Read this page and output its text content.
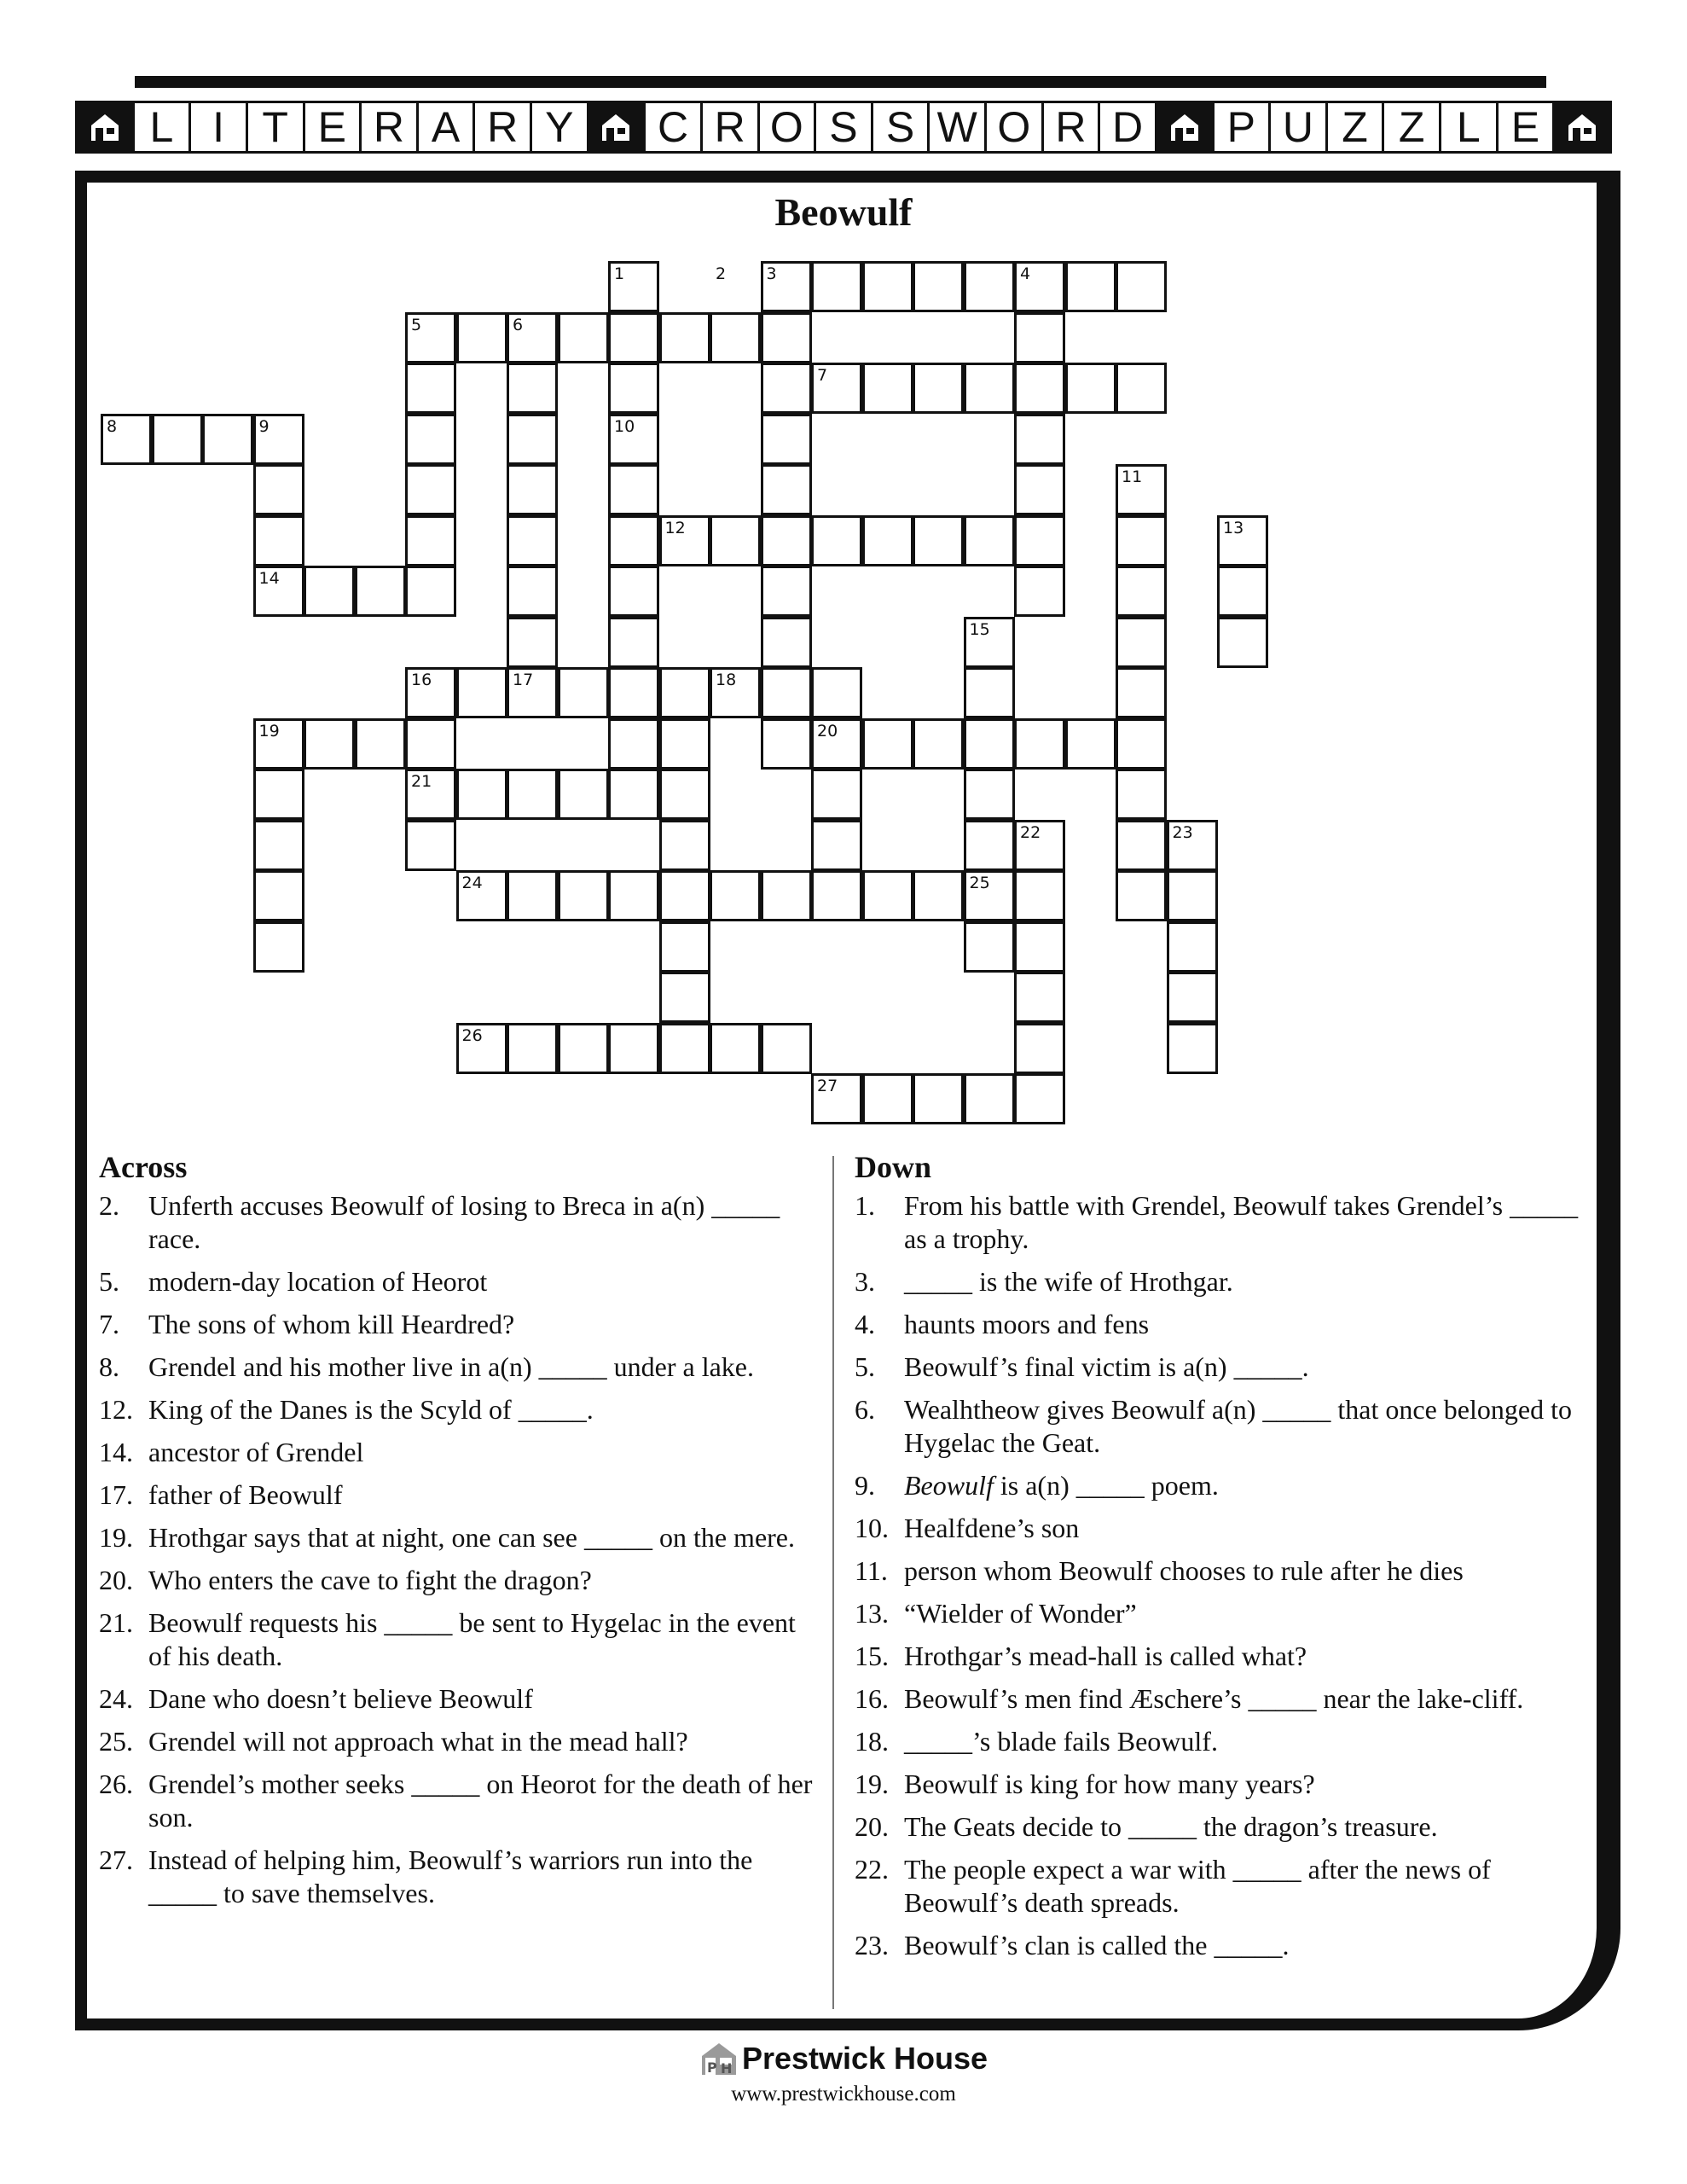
L I T E R A R Y	C R O S S W O R D	P U Z Z L E
Beowulf
1	2 3	4
5	6
7
8	9	10
11
12	13
14
15
16	17	18
19	20
21
22	23
24	25
26
27
Across
2.	Unferth accuses Beowulf of losing to Breca in a(n) _____ race.
5.	modern-day location of Heorot
7.	The sons of whom kill Heardred?
8.	Grendel and his mother live in a(n) _____ under a lake.
12. King of the Danes is the Scyld of _____.
14. ancestor of Grendel
17. father of Beowulf
19. Hrothgar says that at night, one can see _____ on the mere.
20. Who enters the cave to fight the dragon?
21. Beowulf requests his _____ be sent to Hygelac in the event of his death.
24. Dane who doesn’t believe Beowulf
25. Grendel will not approach what in the mead hall?
26. Grendel’s mother seeks _____ on Heorot for the death of her son.
27. Instead of helping him, Beowulf’s warriors run into the _____ to save themselves.
Down
1.	From his battle with Grendel, Beowulf takes Grendel’s _____ as a trophy.
3.	_____ is the wife of Hrothgar.
4.	haunts moors and fens
5.	Beowulf’s final victim is a(n) _____.
6.	Wealhtheow gives Beowulf a(n) _____ that once belonged to Hygelac the Geat.
9.	Beowulf is a(n) _____ poem.
10. Healfdene’s son
11. person whom Beowulf chooses to rule after he dies
13. “Wielder of Wonder”
15. Hrothgar’s mead-hall is called what?
16. Beowulf’s men find Æschere’s _____ near the lake-cliff.
18. _____’s blade fails Beowulf.
19. Beowulf is king for how many years?
20. The Geats decide to _____ the dragon’s treasure.
22. The people expect a war with _____ after the news of Beowulf’s death spreads.
23. Beowulf’s clan is called the _____.
P H Prestwick House
www.prestwickhouse.com
